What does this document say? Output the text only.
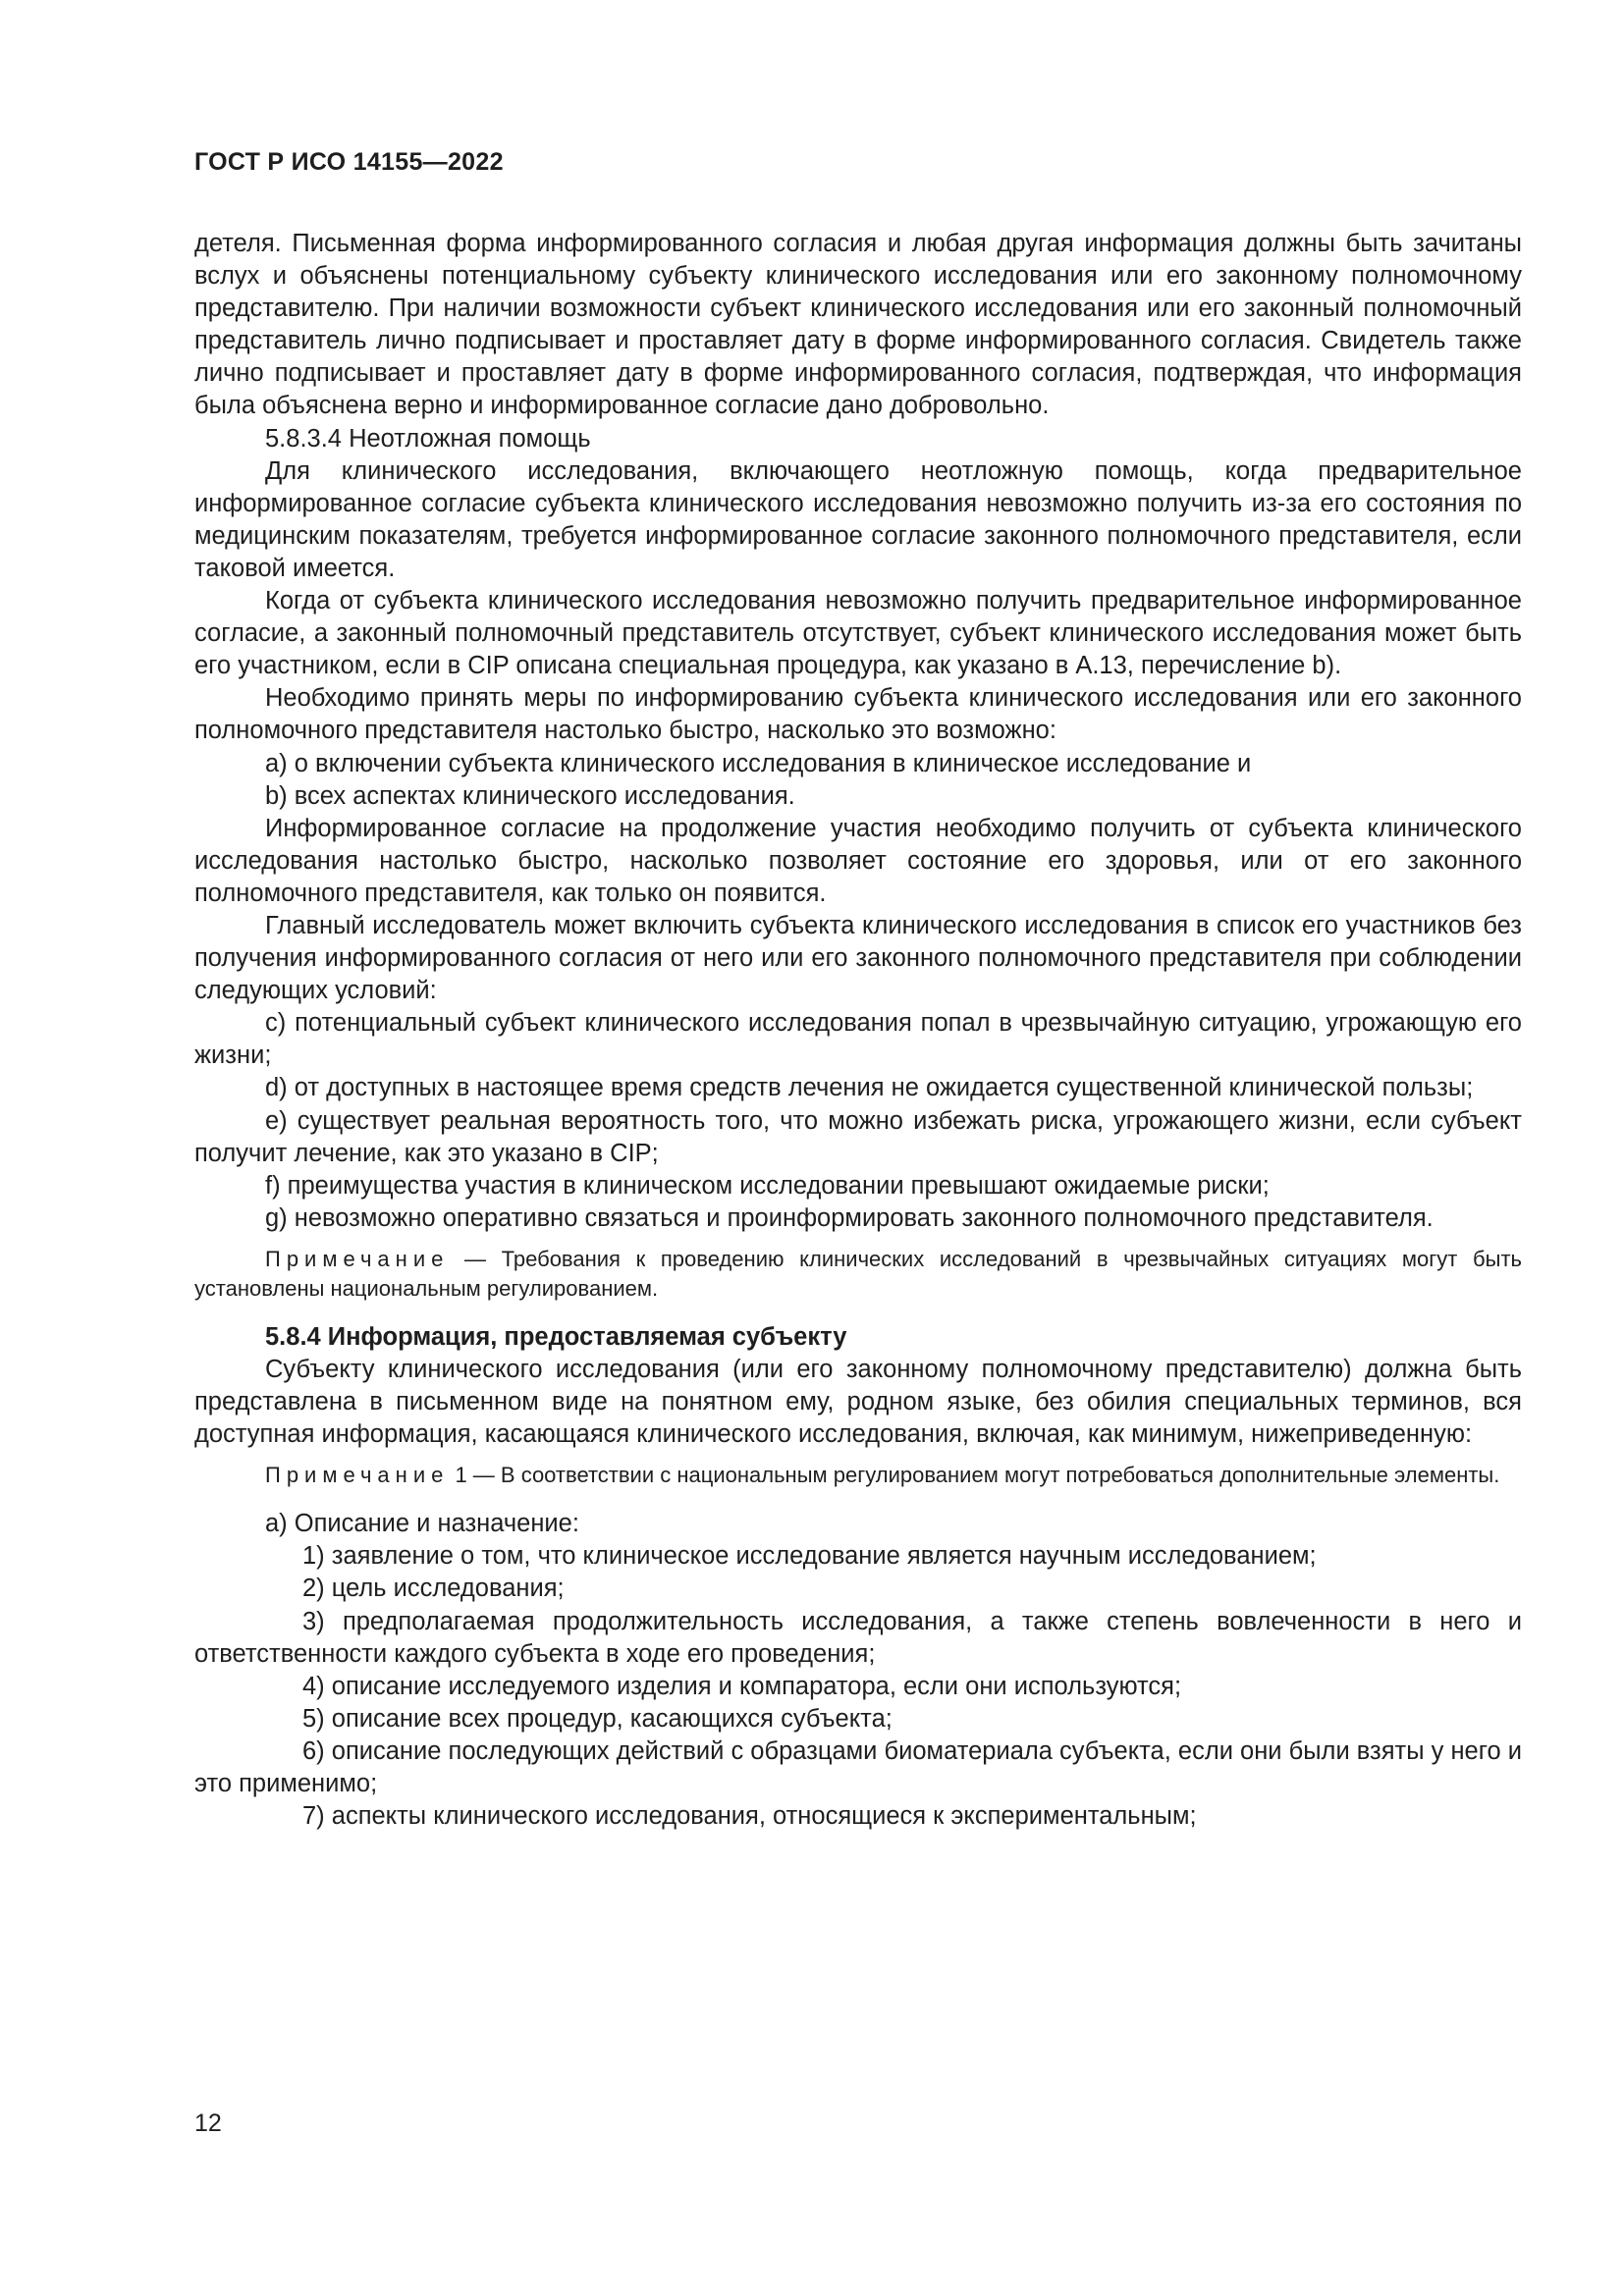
ГОСТ Р ИСО 14155—2022

детеля. Письменная форма информированного согласия и любая другая информация должны быть зачитаны вслух и объяснены потенциальному субъекту клинического исследования или его законному полномочному представителю. При наличии возможности субъект клинического исследования или его законный полномочный представитель лично подписывает и проставляет дату в форме информированного согласия. Свидетель также лично подписывает и проставляет дату в форме информированного согласия, подтверждая, что информация была объяснена верно и информированное согласие дано добровольно.

5.8.3.4 Неотложная помощь

Для клинического исследования, включающего неотложную помощь, когда предварительное информированное согласие субъекта клинического исследования невозможно получить из-за его состояния по медицинским показателям, требуется информированное согласие законного полномочного представителя, если таковой имеется.

Когда от субъекта клинического исследования невозможно получить предварительное информированное согласие, а законный полномочный представитель отсутствует, субъект клинического исследования может быть его участником, если в CIP описана специальная процедура, как указано в А.13, перечисление b).

Необходимо принять меры по информированию субъекта клинического исследования или его законного полномочного представителя настолько быстро, насколько это возможно:

a) о включении субъекта клинического исследования в клиническое исследование и

b) всех аспектах клинического исследования.

Информированное согласие на продолжение участия необходимо получить от субъекта клинического исследования настолько быстро, насколько позволяет состояние его здоровья, или от его законного полномочного представителя, как только он появится.

Главный исследователь может включить субъекта клинического исследования в список его участников без получения информированного согласия от него или его законного полномочного представителя при соблюдении следующих условий:

c) потенциальный субъект клинического исследования попал в чрезвычайную ситуацию, угрожающую его жизни;

d) от доступных в настоящее время средств лечения не ожидается существенной клинической пользы;

e) существует реальная вероятность того, что можно избежать риска, угрожающего жизни, если субъект получит лечение, как это указано в CIP;

f) преимущества участия в клиническом исследовании превышают ожидаемые риски;

g) невозможно оперативно связаться и проинформировать законного полномочного представителя.

Примечание — Требования к проведению клинических исследований в чрезвычайных ситуациях могут быть установлены национальным регулированием.

5.8.4 Информация, предоставляемая субъекту

Субъекту клинического исследования (или его законному полномочному представителю) должна быть представлена в письменном виде на понятном ему, родном языке, без обилия специальных терминов, вся доступная информация, касающаяся клинического исследования, включая, как минимум, нижеприведенную:

Примечание 1 — В соответствии с национальным регулированием могут потребоваться дополнительные элементы.

a) Описание и назначение:

1) заявление о том, что клиническое исследование является научным исследованием;

2) цель исследования;

3) предполагаемая продолжительность исследования, а также степень вовлеченности в него и ответственности каждого субъекта в ходе его проведения;

4) описание исследуемого изделия и компаратора, если они используются;

5) описание всех процедур, касающихся субъекта;

6) описание последующих действий с образцами биоматериала субъекта, если они были взяты у него и это применимо;

7) аспекты клинического исследования, относящиеся к экспериментальным;

12
